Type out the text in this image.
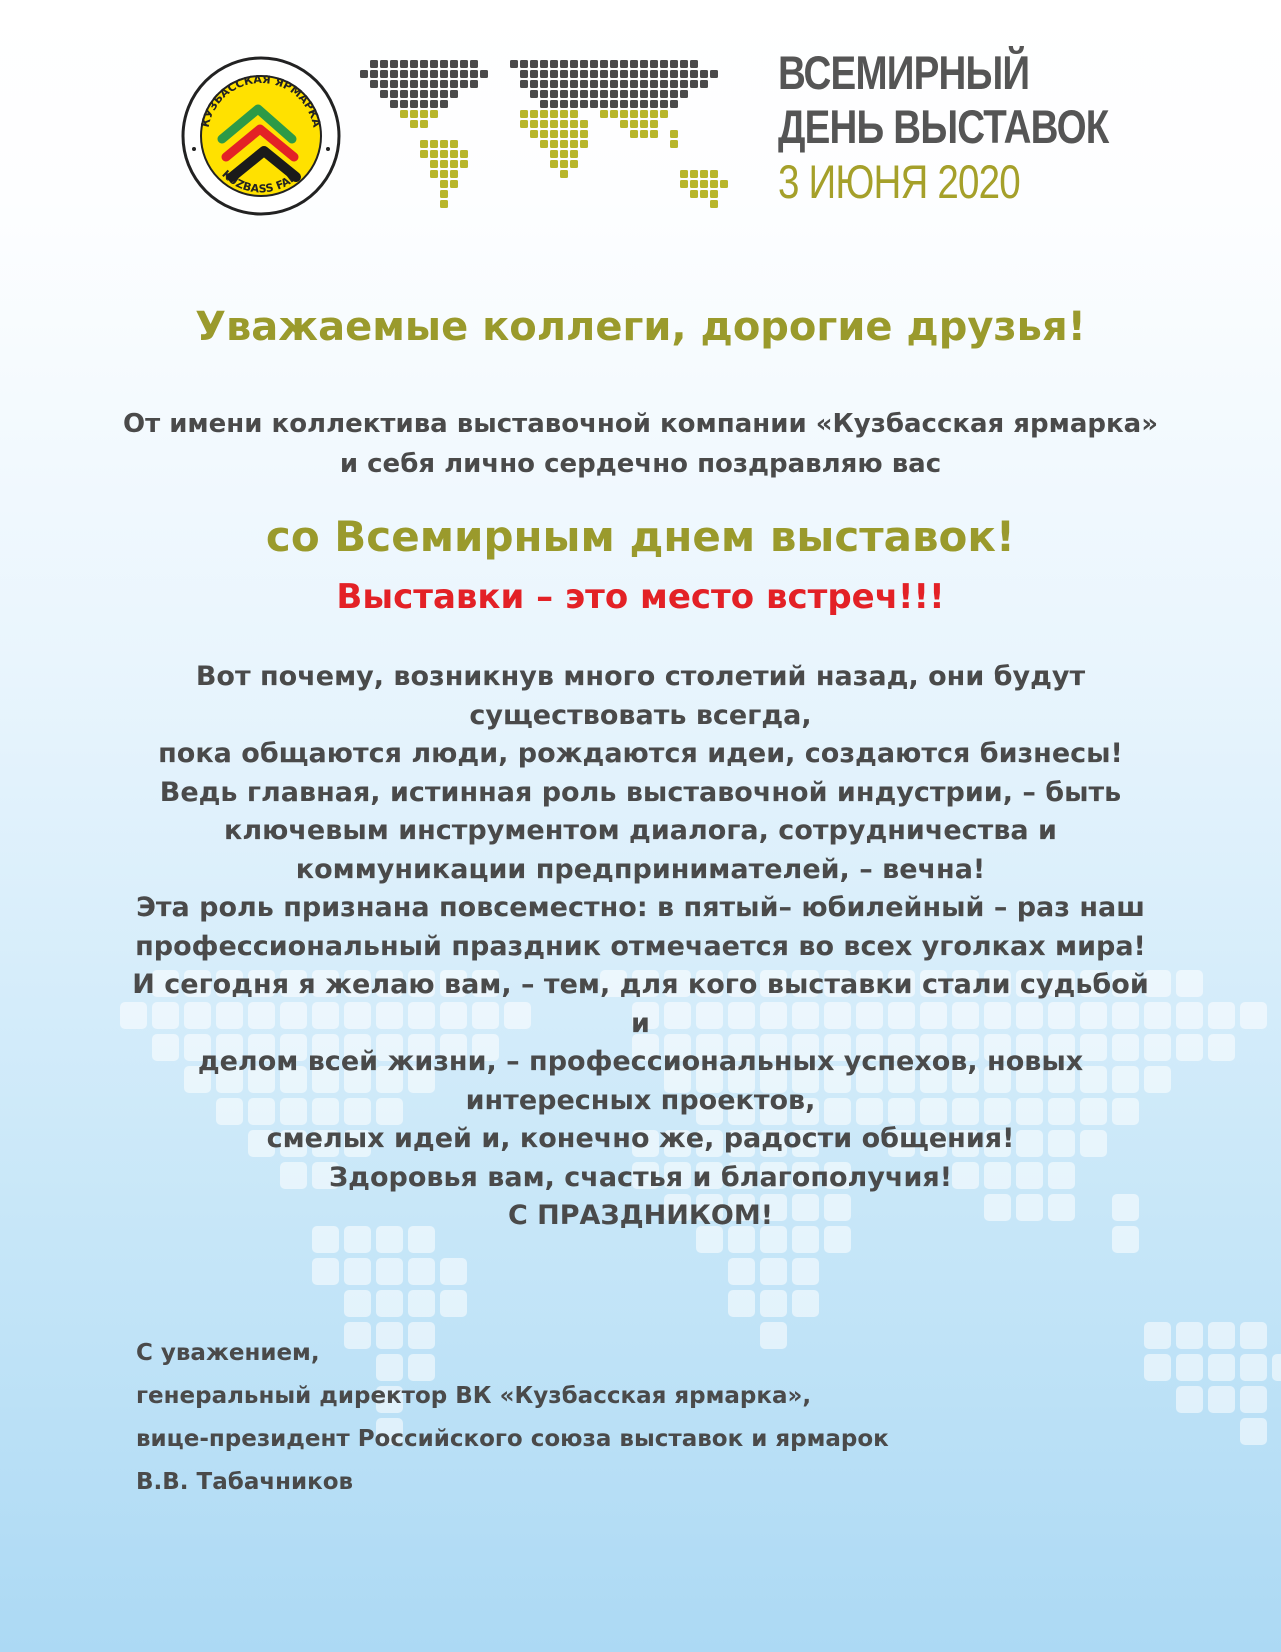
КУЗБАССКАЯ ЯРМАРКА
KUZBASS FAIR
ВСЕМИРНЫЙ
ДЕНЬ ВЫСТАВОК
3 ИЮНЯ 2020
Уважаемые коллеги, дорогие друзья!
От имени коллектива выставочной компании «Кузбасская ярмарка»
и себя лично сердечно поздравляю вас
со Всемирным днем выставок!
Выставки – это место встреч!!!
Вот почему, возникнув много столетий назад, они будут
существовать всегда,
пока общаются люди, рождаются идеи, создаются бизнесы!
Ведь главная, истинная роль выставочной индустрии, – быть
ключевым инструментом диалога, сотрудничества и
коммуникации предпринимателей, – вечна!
Эта роль признана повсеместно: в пятый– юбилейный – раз наш
профессиональный праздник отмечается во всех уголках мира!
И сегодня я желаю вам, – тем, для кого выставки стали судьбой и
делом всей жизни, – профессиональных успехов, новых
интересных проектов,
смелых идей и, конечно же, радости общения!
Здоровья вам, счастья и благополучия!
С ПРАЗДНИКОМ!
С уважением,
генеральный директор ВК «Кузбасская ярмарка»,
вице-президент Российского союза выставок и ярмарок
В.В. Табачников
